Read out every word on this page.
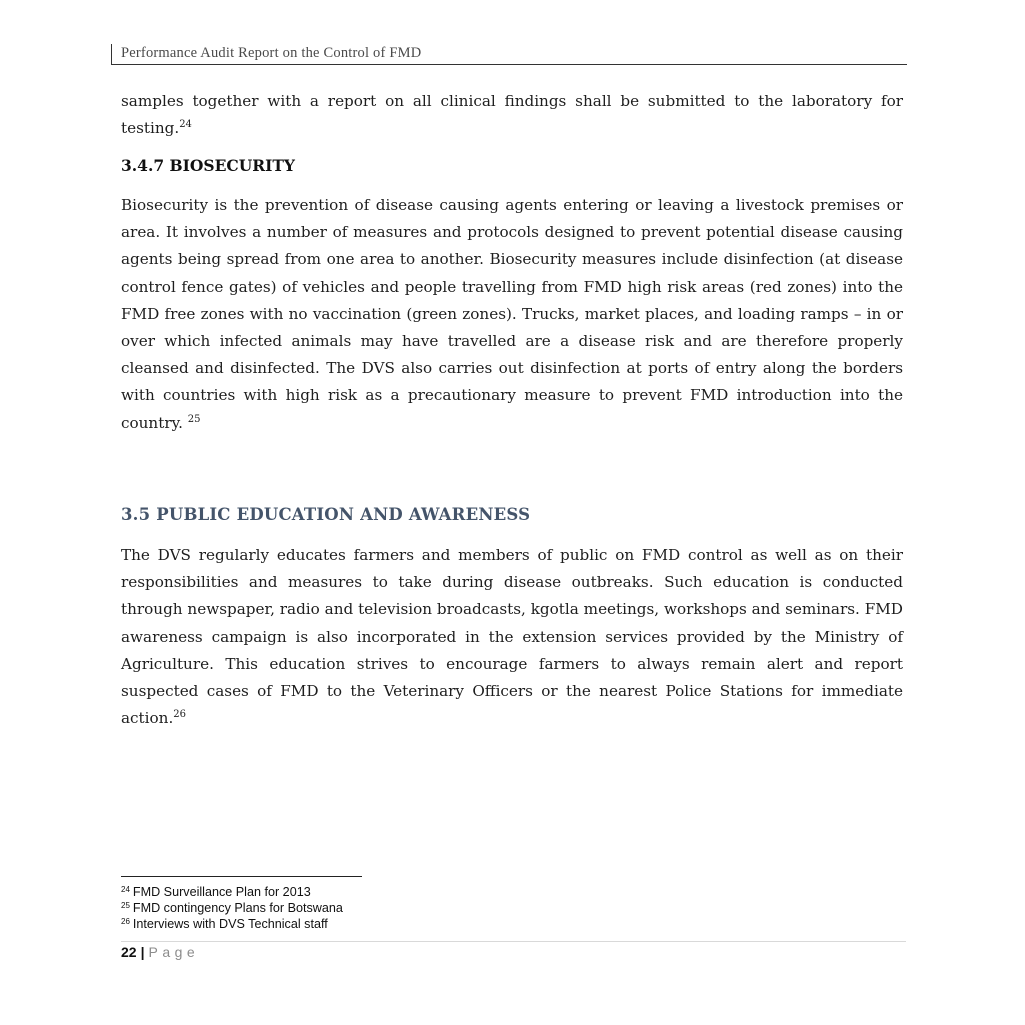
Performance Audit Report on the Control of FMD

samples together with a report on all clinical findings shall be submitted to the laboratory for testing.$^{24}$

3.4.7 BIOSECURITY

Biosecurity is the prevention of disease causing agents entering or leaving a livestock premises or area. It involves a number of measures and protocols designed to prevent potential disease causing agents being spread from one area to another. Biosecurity measures include disinfection (at disease control fence gates) of vehicles and people travelling from FMD high risk areas (red zones) into the FMD free zones with no vaccination (green zones). Trucks, market places, and loading ramps – in or over which infected animals may have travelled are a disease risk and are therefore properly cleansed and disinfected. The DVS also carries out disinfection at ports of entry along the borders with countries with high risk as a precautionary measure to prevent FMD introduction into the country. $^{25}$

3.5 PUBLIC EDUCATION AND AWARENESS

The DVS regularly educates farmers and members of public on FMD control as well as on their responsibilities and measures to take during disease outbreaks. Such education is conducted through newspaper, radio and television broadcasts, kgotla meetings, workshops and seminars. FMD awareness campaign is also incorporated in the extension services provided by the Ministry of Agriculture. This education strives to encourage farmers to always remain alert and report suspected cases of FMD to the Veterinary Officers or the nearest Police Stations for immediate action.$^{26}$

$^{24}$ FMD Surveillance Plan for 2013
$^{25}$ FMD contingency Plans for Botswana
$^{26}$ Interviews with DVS Technical staff
22 | Page
